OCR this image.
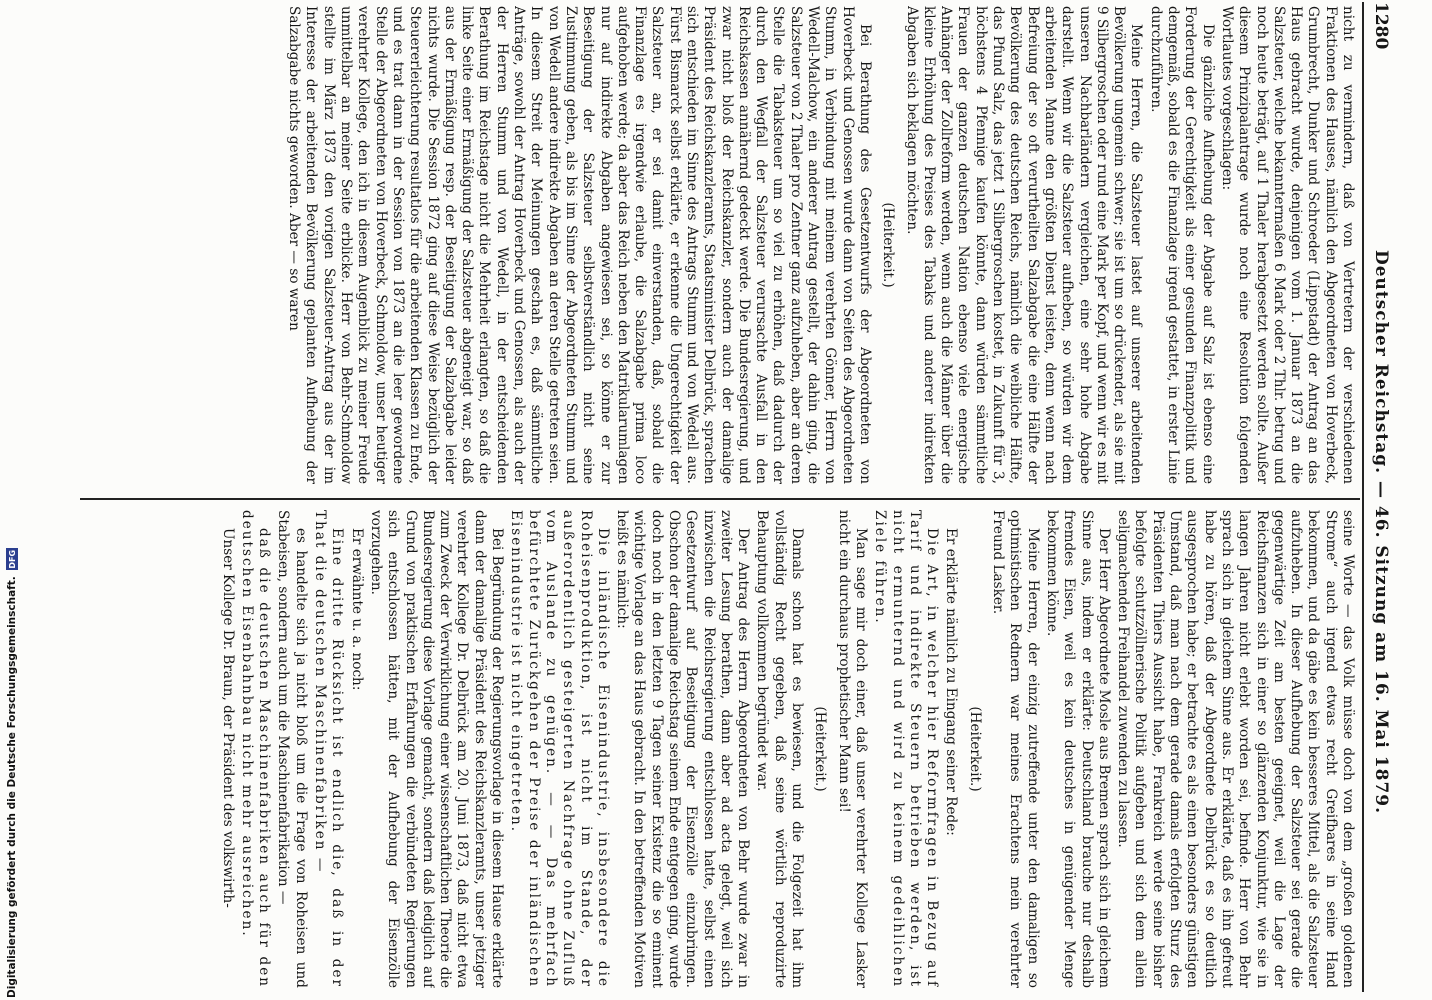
1280
Deutscher Reichstag. — 46. Sitzung am 16. Mai 1879.

nicht zu vermindern, daß von Vertretern der verschiedenen Fraktionen des Hauses, nämlich den Abgeordneten von Hoverbeck, Grumbrecht, Dunker und Schroeder (Lippstadt) der Antrag an das Haus gebracht wurde, denjenigen vom 1. Januar 1873 an die Salzsteuer, welche bekanntermaßen 6 Mark oder 2 Thlr. betrug und noch heute beträgt, auf 1 Thaler herabgesetzt werden sollte. Außer diesem Prinzipalantrage wurde noch eine Resolution folgenden Wortlautes vorgeschlagen:

Die gänzliche Aufhebung der Abgabe auf Salz ist ebenso eine Forderung der Gerechtigkeit als einer gesunden Finanzpolitik und demgemäß, sobald es die Finanzlage irgend gestattet, in erster Linie durchzuführen.

Meine Herren, die Salzsteuer lastet auf unserer arbeitenden Bevölkerung ungemein schwer; sie ist um so drückender, als sie mit 9 Silbergroschen oder rund eine Mark per Kopf, und wenn wir es mit unseren Nachbarländern vergleichen, eine sehr hohe Abgabe darstellt. Wenn wir die Salzsteuer aufheben, so würden wir dem arbeitenden Manne den größten Dienst leisten, denn wenn nach Befreiung der so oft verurtheilten Salzabgabe die eine Hälfte der Bevölkerung des deutschen Reichs, nämlich die weibliche Hälfte, das Pfund Salz, das jetzt 1 Silbergroschen kostet, in Zukunft für 3, höchstens 4 Pfennige kaufen könnte, dann würden sämmtliche Frauen der ganzen deutschen Nation ebenso viele energische Anhänger der Zollreform werden, wenn auch die Männer über die kleine Erhöhung des Preises des Tabaks und anderer indirekten Abgaben sich beklagen möchten.

(Heiterkeit.)

Bei Berathung des Gesetzentwurfs der Abgeordneten von Hoverbeck und Genossen wurde dann von Seiten des Abgeordneten Stumm, in Verbindung mit meinem verehrten Gönner, Herrn von Wedell-Malchow, ein anderer Antrag gestellt, der dahin ging, die Salzsteuer von 2 Thaler pro Zentner ganz aufzuheben, aber an deren Stelle die Tabaksteuer um so viel zu erhöhen, daß dadurch der durch den Wegfall der Salzsteuer verursachte Ausfall in den Reichskassen annähernd gedeckt werde. Die Bundesregierung, und zwar nicht bloß der Reichskanzler, sondern auch der damalige Präsident des Reichskanzleramts, Staatsminister Delbrück, sprachen sich entschieden im Sinne des Antrags Stumm und von Wedell aus. Fürst Bismarck selbst erklärte, er erkenne die Ungerechtigkeit der Salzsteuer an, er sei damit einverstanden, daß, sobald die Finanzlage es irgendwie erlaube, die Salzabgabe prima loco aufgehoben werde; da aber das Reich neben den Matrikularumlagen nur auf indirekte Abgaben angewiesen sei, so könne er zur Beseitigung der Salzsteuer selbstverständlich nicht seine Zustimmung geben, als bis im Sinne der Abgeordneten Stumm und von Wedell andere indirekte Abgaben an deren Stelle getreten seien. In diesem Streit der Meinungen geschah es, daß sämmtliche Anträge, sowohl der Antrag Hoverbeck und Genossen, als auch der der Herren Stumm und von Wedell, in der entscheidenden Berathung im Reichstage nicht die Mehrheit erlangten, so daß die linke Seite einer Ermäßigung der Salzsteuer abgeneigt war, so daß aus der Ermäßigung resp. der Beseitigung der Salzabgabe leider nichts wurde. Die Session 1872 ging auf diese Weise bezüglich der Steuererleichterung resultatlos für die arbeitenden Klassen zu Ende, und es trat dann in der Session von 1873 an die leer gewordene Stelle der Abgeordneten von Hoverbeck, Schmoldow, unser heutiger verehrter Kollege, den ich in diesem Augenblick zu meiner Freude unmittelbar an meiner Seite erblicke. Herr von Behr-Schmoldow stellte im März 1873 den vorigen Salzsteuer-Antrag aus der im Interesse der arbeitenden Bevölkerung geplanten Aufhebung der Salzabgabe nichts geworden. Aber — so waren

seine Worte — das Volk müsse doch von dem „großen goldenen Strome“ auch irgend etwas recht Greifbares in seine Hand bekommen, und da gäbe es kein besseres Mittel, als die Salzsteuer aufzuheben. In dieser Aufhebung der Salzsteuer sei gerade die gegenwärtige Zeit am besten geeignet, weil die Lage der Reichsfinanzen sich in einer so glänzenden Konjunktur, wie sie in langen Jahren nicht erlebt worden sei, befinde. Herr von Behr sprach sich in gleichem Sinne aus. Er erklärte, daß es ihn gefreut habe zu hören, daß der Abgeordnete Delbrück es so deutlich ausgesprochen habe; er betrachte es als einen besonders günstigen Umstand, daß man nach dem gerade damals erfolgten Sturz des Präsidenten Thiers Aussicht habe, Frankreich werde seine bisher befolgte schutzzöllnerische Politik aufgeben und sich dem allein seligmachenden Freihandel zuwenden zu lassen.

Der Herr Abgeordnete Mosle aus Bremen sprach sich in gleichem Sinne aus, indem er erklärte: Deutschland brauche nur deshalb fremdes Eisen, weil es kein deutsches in genügender Menge bekommen könne.

Meine Herren, der einzig zutreffende unter den damaligen so optimistischen Rednern war meines Erachtens mein verehrter Freund Lasker.

(Heiterkeit.)

Er erklärte nämlich zu Eingang seiner Rede:

Die Art, in welcher hier Reformfragen in Bezug auf Tarif und indirekte Steuern betrieben werden, ist nicht ermunternd und wird zu keinem gedeihlichen Ziele führen.

Man sage mir doch einer, daß unser verehrter Kollege Lasker nicht ein durchaus prophetischer Mann sei!

(Heiterkeit.)

Damals schon hat es bewiesen, und die Folgezeit hat ihm vollständig Recht gegeben, daß seine wörtlich reproduzirte Behauptung vollkommen begründet war.

Der Antrag des Herrn Abgeordneten von Behr wurde zwar in zweiter Lesung berathen, dann aber ad acta gelegt, weil sich inzwischen die Reichsregierung entschlossen hatte, selbst einen Gesetzentwurf auf Beseitigung der Eisenzölle einzubringen. Obschon der damalige Reichstag seinem Ende entgegen ging, wurde doch noch in den letzten 9 Tagen seiner Existenz die so eminent wichtige Vorlage an das Haus gebracht. In den betreffenden Motiven heißt es nämlich:

Die inländische Eisenindustrie, insbesondere die Roheisenproduktion, ist nicht im Stande, der außerordentlich gesteigerten Nachfrage ohne Zufluß vom Auslande zu genügen. — — Das mehrfach befürchtete Zurückgehen der Preise der inländischen Eisenindustrie ist nicht eingetreten.

Bei Begründung der Regierungsvorlage in diesem Hause erklärte dann der damalige Präsident des Reichskanzleramts, unser jetziger verehrter Kollege Dr. Delbrück am 20. Juni 1873, daß nicht etwa zum Zweck der Verwirklichung einer wissenschaftlichen Theorie die Bundesregierung diese Vorlage gemacht, sondern daß lediglich auf Grund von praktischen Erfahrungen die verbündeten Regierungen sich entschlossen hätten, mit der Aufhebung der Eisenzölle vorzugehen.

Er erwähnte u. a. noch:

Eine dritte Rücksicht ist endlich die, daß in der That die deutschen Maschinenfabriken —

es handelte sich ja nicht bloß um die Frage von Roheisen und Stabeisen, sondern auch um die Maschinenfabrikation —

daß die deutschen Maschinenfabriken auch für den deutschen Eisenbahnbau nicht mehr ausreichen.

Unser Kollege Dr. Braun, der Präsident des volkswirth-

Digitalisierung gefördert durch die Deutsche Forschungsgemeinschaft.
DFG
